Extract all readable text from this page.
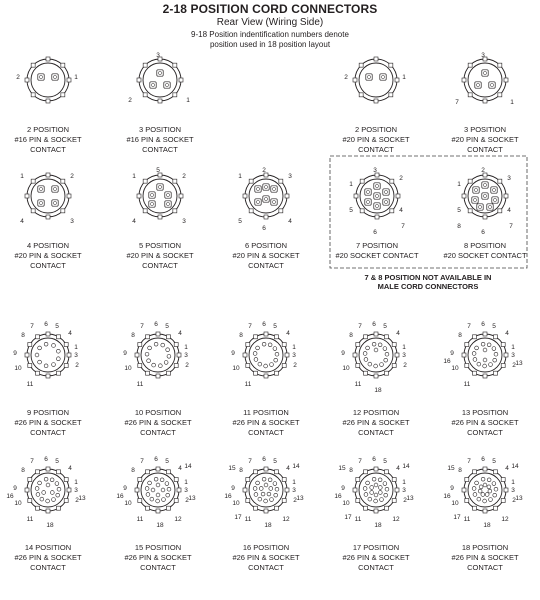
2-18 POSITION CORD CONNECTORS
Rear View (Wiring Side)
9-18 Position indentification numbers denote
position used in 18 position layout
7 & 8 POSITION NOT AVAILABLE IN
MALE CORD CONNECTORS
1
2
2 POSITION
#16 PIN & SOCKET
CONTACT
1
2
3
3 POSITION
#16 PIN & SOCKET
CONTACT
1
2
2 POSITION
#20 PIN & SOCKET
CONTACT
1
3
7
3 POSITION
#20 PIN & SOCKET
CONTACT
1	2
3
4
4 POSITION
#20 PIN & SOCKET
CONTACT
1	2
3
4
5
5 POSITION
#20 PIN & SOCKET
CONTACT
1
2
3
4
5
6
6 POSITION
#20 PIN & SOCKET
CONTACT
1
2
3
4
5
6
7
7 POSITION
#20 SOCKET CONTACT
1
2
3
4
5
6
7
8
8 POSITION
#20 SOCKET CONTACT
1
2
3
4
5
6
7
8
9
10
11
9 POSITION
#26 PIN & SOCKET
CONTACT
1
2
3
4
5
6
7
8
9
10
11
10 POSITION
#26 PIN & SOCKET
CONTACT
1
2
3
4
5
6
7
8
9
10
11
11 POSITION
#26 PIN & SOCKET
CONTACT
1
2
3
4
5
6
7
8
9
10
11
18
12 POSITION
#26 PIN & SOCKET
CONTACT
1
2
3
4
5
6
7
8
9
10
11
13
16
13 POSITION
#26 PIN & SOCKET
CONTACT
1
2
3
4
5
6
7
8
9
10
11
13
16
18
14 POSITION
#26 PIN & SOCKET
CONTACT
1
2
3
4
5
6
7
8
9
10
11	12
13
14
16
18
15 POSITION
#26 PIN & SOCKET
CONTACT
1
2
3
4
5
6
7
8
9
10
11	12
13
14
15
16
17
18
16 POSITION
#26 PIN & SOCKET
CONTACT
1
2
3
4
5
6
7
8
9
10
11	12
13
14
15
16
17
18
17 POSITION
#26 PIN & SOCKET
CONTACT
1
2
3
4
5
6
7
8
9
10
11	12
13
14
15
16
17
18
18 POSITION
#26 PIN & SOCKET
CONTACT
